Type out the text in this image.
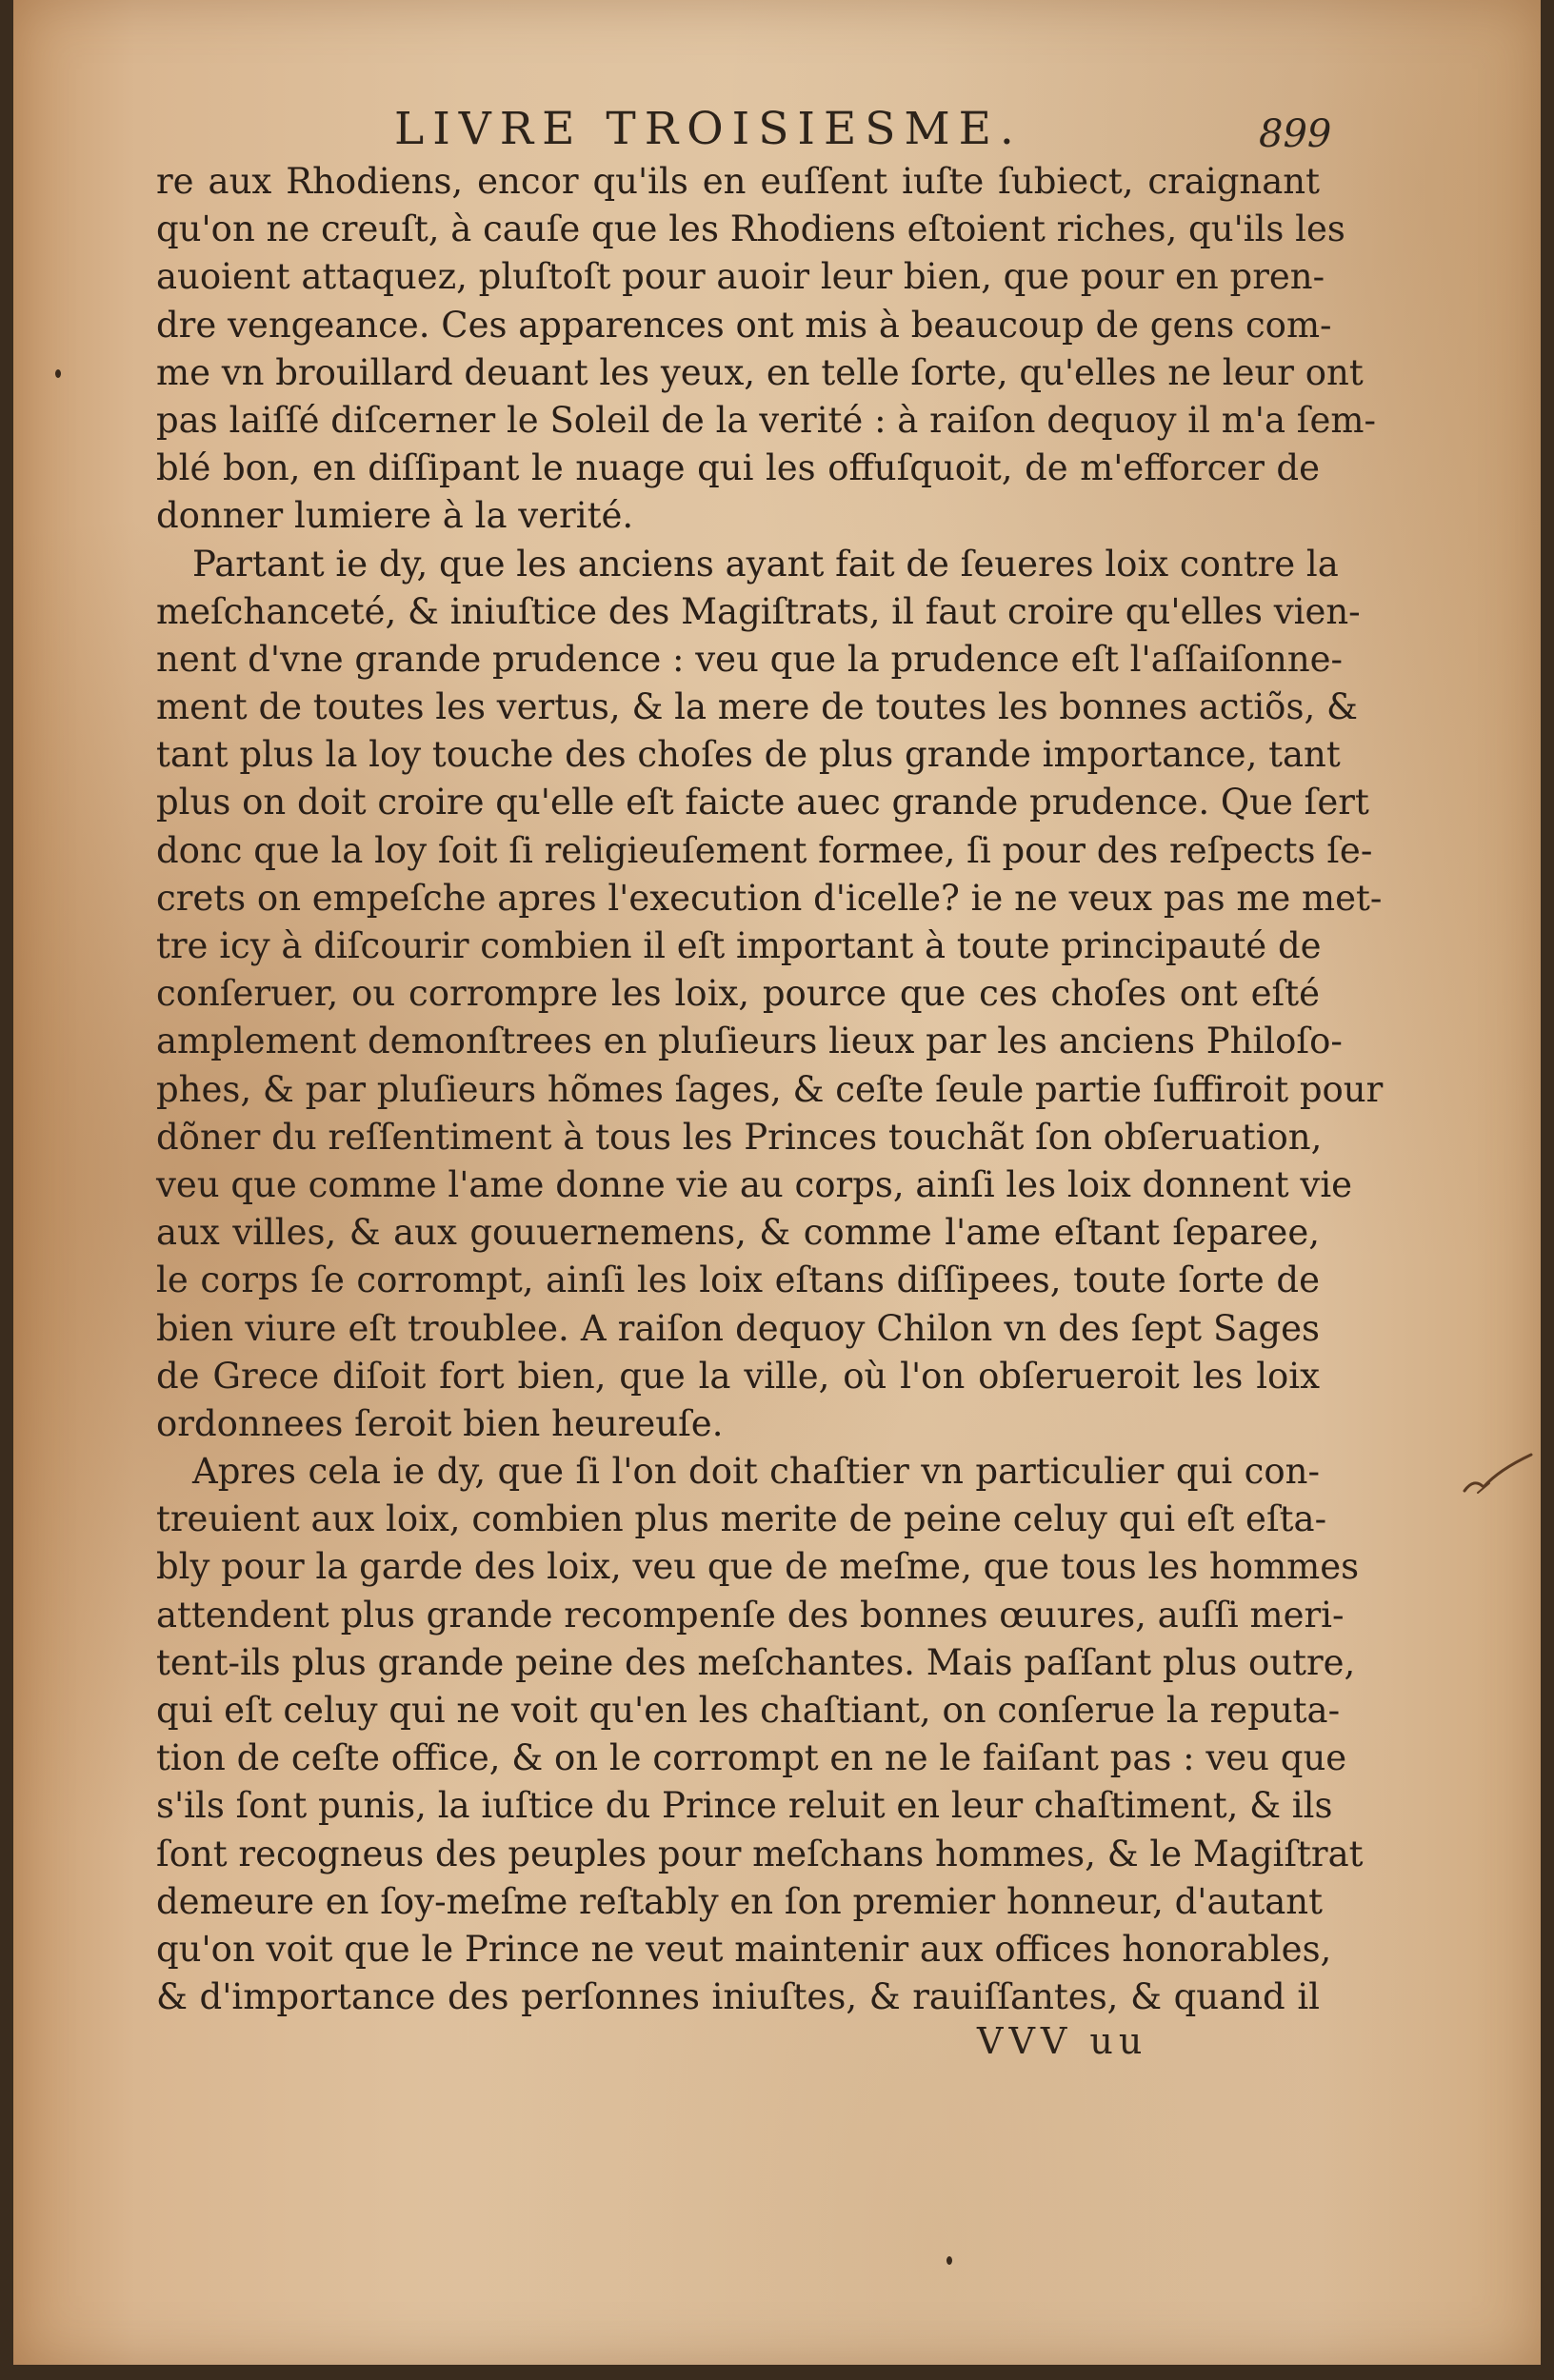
LIVRE TROISIESME.	899
re aux Rhodiens, encor qu'ils en euſſent iuſte ſubiect, craignant
qu'on ne creuſt, à cauſe que les Rhodiens eſtoient riches, qu'ils les
auoient attaquez, pluſtoſt pour auoir leur bien, que pour en pren-
dre vengeance. Ces apparences ont mis à beaucoup de gens com-
me vn brouillard deuant les yeux, en telle ſorte, qu'elles ne leur ont
pas laiſſé diſcerner le Soleil de la verité : à raiſon dequoy il m'a ſem-
blé bon, en diſſipant le nuage qui les offuſquoit, de m'efforcer de
donner lumiere à la verité.
Partant ie dy, que les anciens ayant fait de ſeueres loix contre la
meſchanceté, & iniuſtice des Magiſtrats, il faut croire qu'elles vien-
nent d'vne grande prudence : veu que la prudence eſt l'aſſaiſonne-
ment de toutes les vertus, & la mere de toutes les bonnes actiõs, &
tant plus la loy touche des choſes de plus grande importance, tant
plus on doit croire qu'elle eſt faicte auec grande prudence. Que ſert
donc que la loy ſoit ſi religieuſement formee, ſi pour des reſpects ſe-
crets on empeſche apres l'execution d'icelle? ie ne veux pas me met-
tre icy à diſcourir combien il eſt important à toute principauté de
conſeruer, ou corrompre les loix, pource que ces choſes ont eſté
amplement demonſtrees en pluſieurs lieux par les anciens Philoſo-
phes, & par pluſieurs hõmes ſages, & ceſte ſeule partie ſuffiroit pour
dõner du reſſentiment à tous les Princes touchãt ſon obſeruation,
veu que comme l'ame donne vie au corps, ainſi les loix donnent vie
aux villes, & aux gouuernemens, & comme l'ame eſtant ſeparee,
le corps ſe corrompt, ainſi les loix eſtans diſſipees, toute ſorte de
bien viure eſt troublee. A raiſon dequoy Chilon vn des ſept Sages
de Grece diſoit fort bien, que la ville, où l'on obſerueroit les loix
ordonnees ſeroit bien heureuſe.
Apres cela ie dy, que ſi l'on doit chaſtier vn particulier qui con-
treuient aux loix, combien plus merite de peine celuy qui eſt eſta-
bly pour la garde des loix, veu que de meſme, que tous les hommes
attendent plus grande recompenſe des bonnes œuures, auſſi meri-
tent-ils plus grande peine des meſchantes. Mais paſſant plus outre,
qui eſt celuy qui ne voit qu'en les chaſtiant, on conſerue la reputa-
tion de ceſte office, & on le corrompt en ne le faiſant pas : veu que
s'ils ſont punis, la iuſtice du Prince reluit en leur chaſtiment, & ils
ſont recogneus des peuples pour meſchans hommes, & le Magiſtrat
demeure en ſoy-meſme reſtably en ſon premier honneur, d'autant
qu'on voit que le Prince ne veut maintenir aux offices honorables,
& d'importance des perſonnes iniuſtes, & rauiſſantes, & quand il
VVV uu
